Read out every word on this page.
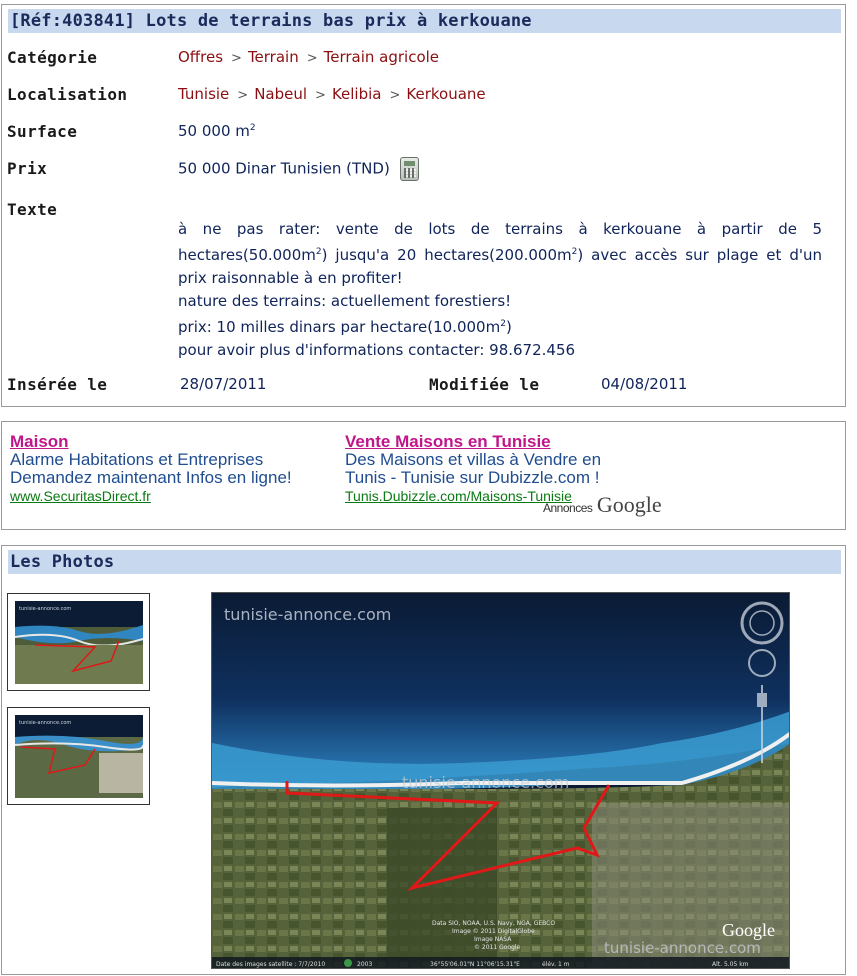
[Réf:403841] Lots de terrains bas prix à kerkouane
Catégorie	Offres > Terrain > Terrain agricole
Localisation	Tunisie > Nabeul > Kelibia > Kerkouane
Surface	50 000 $m^2$
Prix	50 000 Dinar Tunisien (TND)
Texte

à ne pas rater: vente de lots de terrains à kerkouane à partir de 5 $hectares(50.000m^2)$ jusqu'a 20 $hectares(200.000m^2)$ avec accès sur plage et d'un prix raisonnable à en profiter!

nature des terrains: actuellement forestiers!

prix: 10 milles dinars par $hectare(10.000m^2)$

pour avoir plus d'informations contacter: 98.672.456

Insérée le	28/07/2011	Modifiée le	04/08/2011
Maison
Alarme Habitations et Entreprises
Demandez maintenant Infos en ligne!
www.SecuritasDirect.fr
Vente Maisons en Tunisie
Des Maisons et villas à Vendre en
Tunis - Tunisie sur Dubizzle.com !
Tunis.Dubizzle.com/Maisons-Tunisie
Annonces Google
Les Photos
tunisie-annonce.com
tunisie-annonce.com
tunisie-annonce.com
tunisie-annonce.com
tunisie-annonce.com
Google
Data SIO, NOAA, U.S. Navy, NGA, GEBCO
Image © 2011 DigitalGlobe
Image NASA
© 2011 Google
Date des images satellite : 7/7/2010	2003	36°55'06.01"N 11°06'15.31"E	élév. 1 m	Alt. 5.05 km
